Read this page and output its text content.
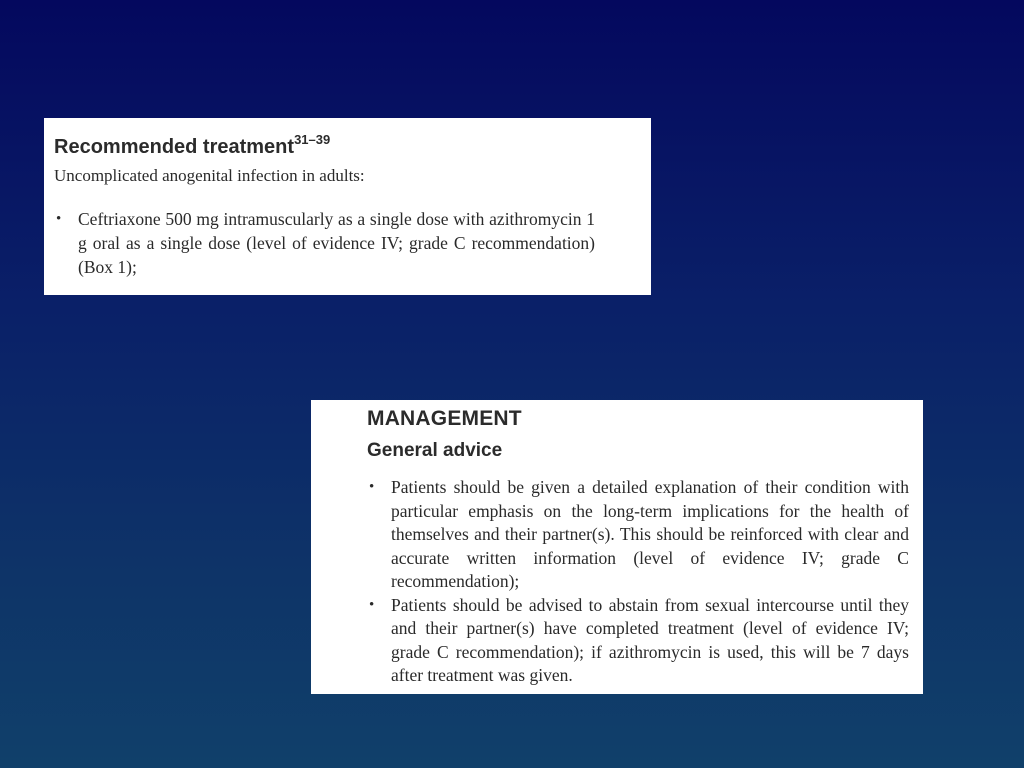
Recommended treatment$^{31-39}$

Uncomplicated anogenital infection in adults:

• Ceftriaxone 500 mg intramuscularly as a single dose with azithromycin 1 g oral as a single dose (level of evidence IV; grade C recommendation) (Box 1);
MANAGEMENT
General advice
• Patients should be given a detailed explanation of their condition with particular emphasis on the long-term implications for the health of themselves and their partner(s). This should be reinforced with clear and accurate written information (level of evidence IV; grade C recommendation);
• Patients should be advised to abstain from sexual intercourse until they and their partner(s) have completed treatment (level of evidence IV; grade C recommendation); if azithromycin is used, this will be 7 days after treatment was given.
